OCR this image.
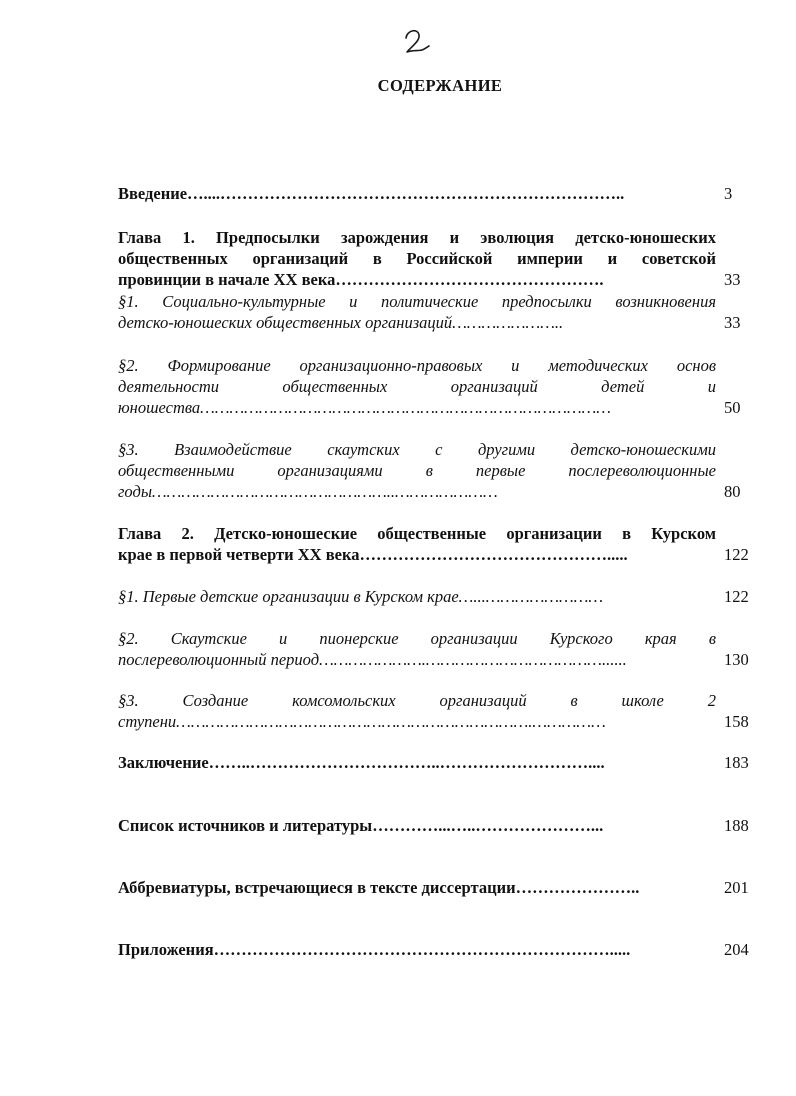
СОДЕРЖАНИЕ
Введение…....………………………………………………………………..	3
Глава 1. Предпосылки зарождения и эволюция детско-юношеских
общественных организаций в Российской империи и советской
провинции в начале XX века………………………………………….	33
§1. Социально-культурные и политические предпосылки возникновения
детско-юношеских общественных организаций…………………..	33
§2. Формирование организационно-правовых и методических основ
деятельности общественных организаций детей и
юношества…………………………………………………………………………	50
§3. Взаимодействие скаутских с другими детско-юношескими
общественными организациями в первые послереволюционные
годы…………………………………………..…………………	80
Глава 2. Детско-юношеские общественные организации в Курском
крае в первой четверти XX века……………………………………….....	122
§1. Первые детские организации в Курском крае…...……………………	122
§2. Скаутские и пионерские организации Курского края в
послереволюционный период………………….………………………………......	130
§3. Создание комсомольских организаций в школе 2
ступени……………………………………………………………….……………	158
Заключение……..……………………………..………………………....	183
Список источников и литературы…………...…..…………………...	188
Аббревиатуры, встречающиеся в тексте диссертации…………………..	201
Приложения……………………………………………………………….....	204
